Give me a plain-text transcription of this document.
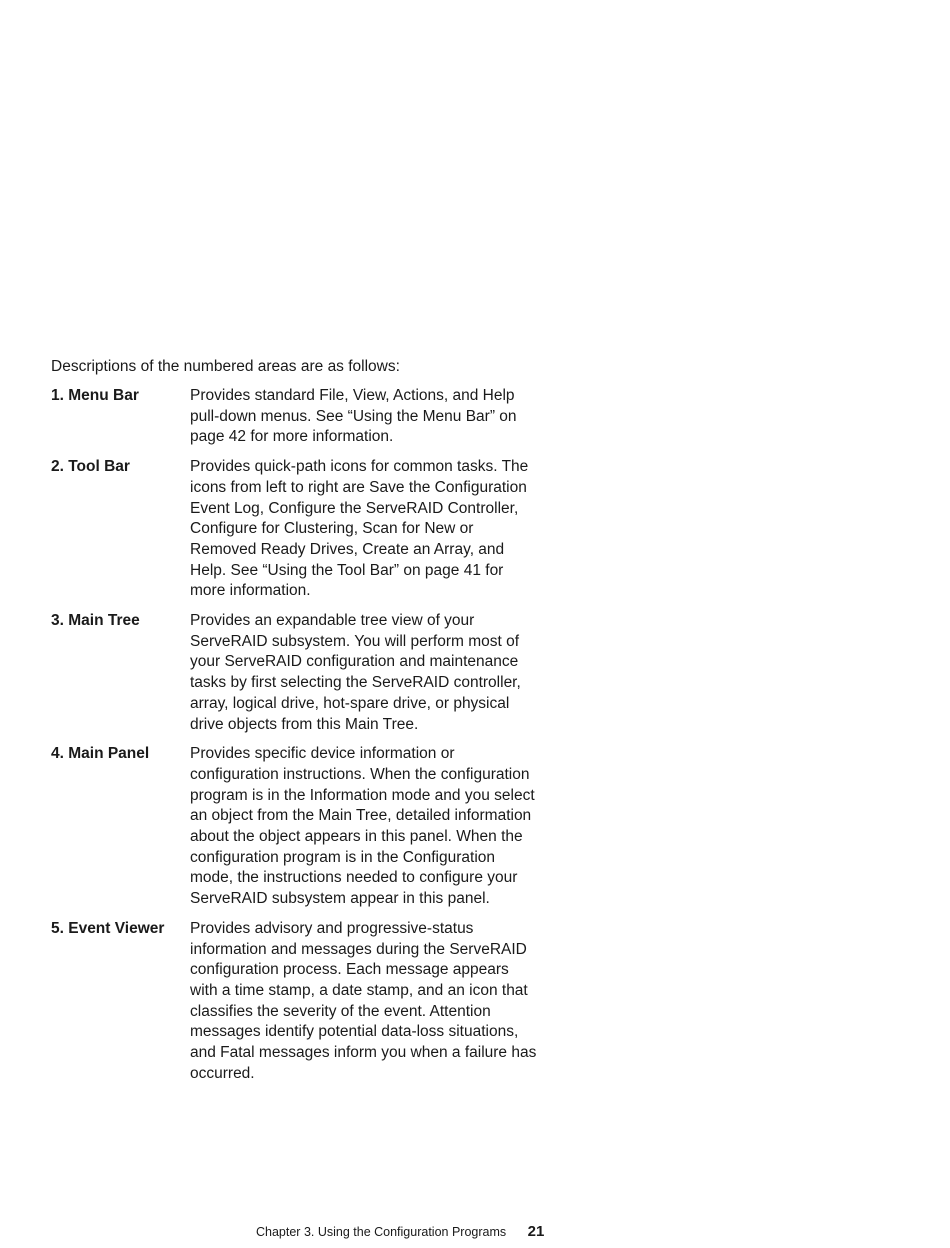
Descriptions of the numbered areas are as follows:
1. Menu Bar	Provides standard File, View, Actions, and Help
pull-down menus. See “Using the Menu Bar” on
page 42 for more information.
2. Tool Bar	Provides quick-path icons for common tasks. The
icons from left to right are Save the Configuration
Event Log, Configure the ServeRAID Controller,
Configure for Clustering, Scan for New or
Removed Ready Drives, Create an Array, and
Help. See “Using the Tool Bar” on page 41 for
more information.
3. Main Tree	Provides an expandable tree view of your
ServeRAID subsystem. You will perform most of
your ServeRAID configuration and maintenance
tasks by first selecting the ServeRAID controller,
array, logical drive, hot-spare drive, or physical
drive objects from this Main Tree.
4. Main Panel	Provides specific device information or
configuration instructions. When the configuration
program is in the Information mode and you select
an object from the Main Tree, detailed information
about the object appears in this panel. When the
configuration program is in the Configuration
mode, the instructions needed to configure your
ServeRAID subsystem appear in this panel.
5. Event Viewer	Provides advisory and progressive-status
information and messages during the ServeRAID
configuration process. Each message appears
with a time stamp, a date stamp, and an icon that
classifies the severity of the event. Attention
messages identify potential data-loss situations,
and Fatal messages inform you when a failure has
occurred.
Chapter 3. Using the Configuration Programs 21
